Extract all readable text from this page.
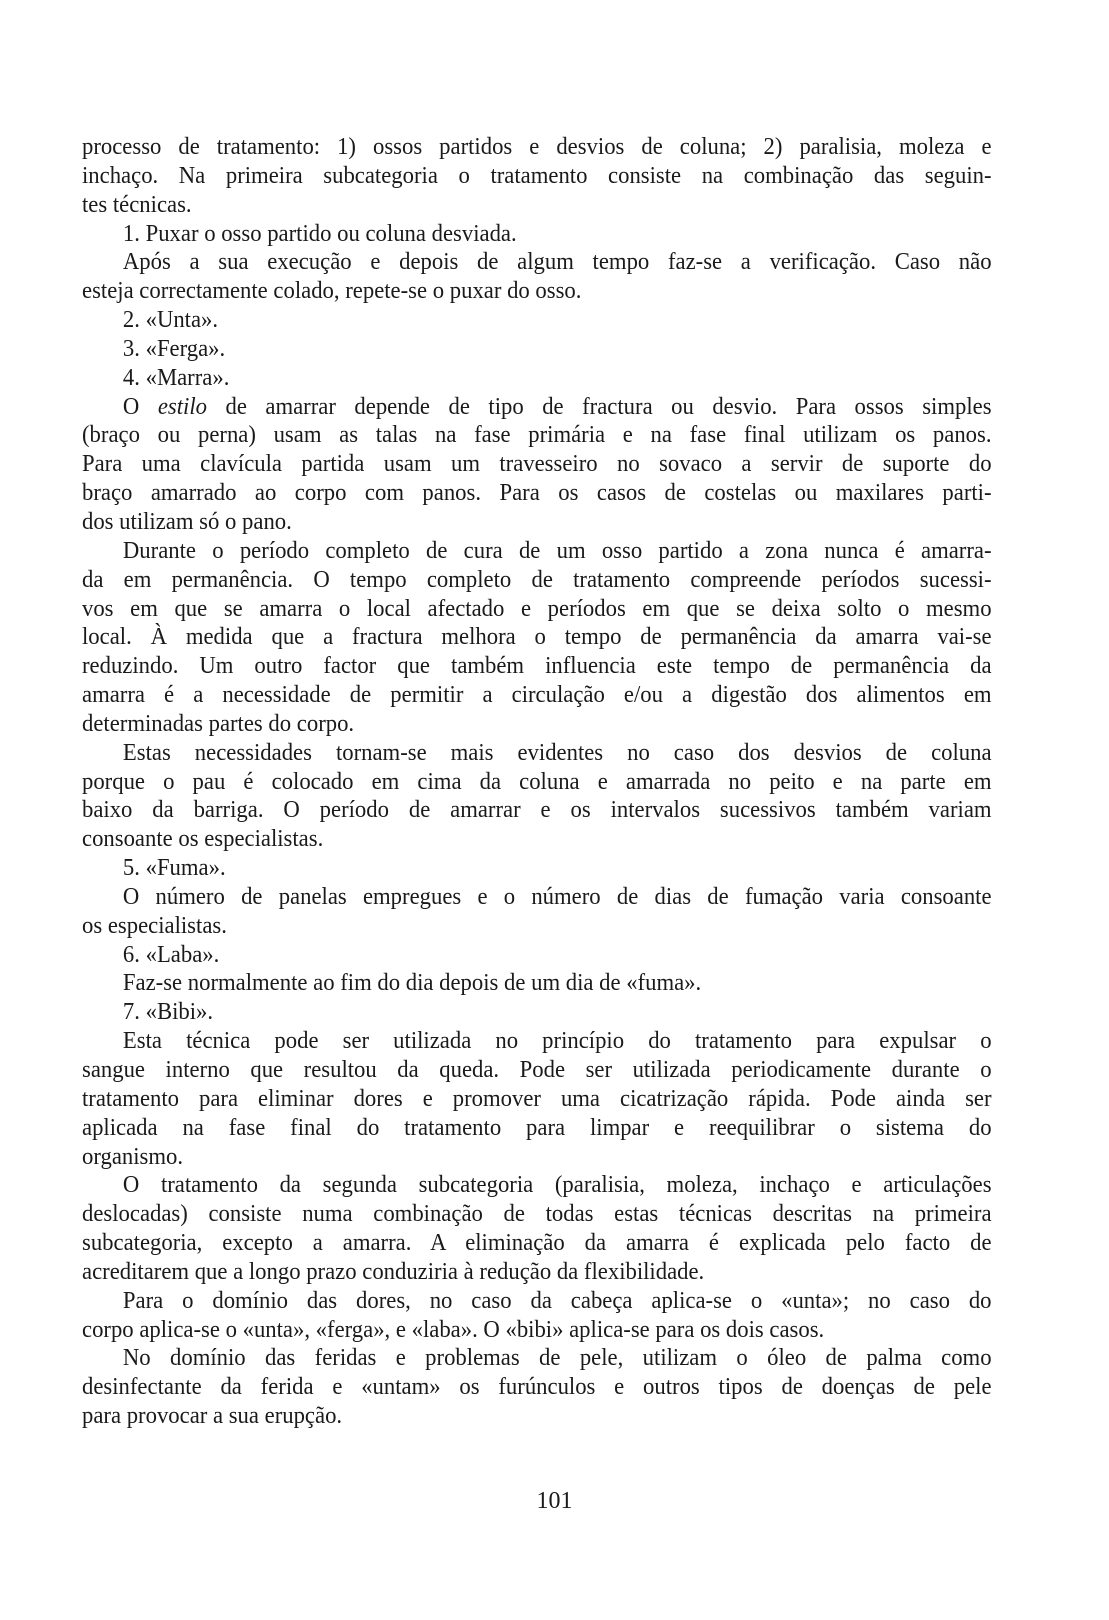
processo de tratamento: 1) ossos partidos e desvios de coluna; 2) paralisia, moleza e
inchaço. Na primeira subcategoria o tratamento consiste na combinação das seguin-
tes técnicas.
1. Puxar o osso partido ou coluna desviada.
Após a sua execução e depois de algum tempo faz-se a verificação. Caso não
esteja correctamente colado, repete-se o puxar do osso.
2. «Unta».
3. «Ferga».
4. «Marra».
O estilo de amarrar depende de tipo de fractura ou desvio. Para ossos simples
(braço ou perna) usam as talas na fase primária e na fase final utilizam os panos.
Para uma clavícula partida usam um travesseiro no sovaco a servir de suporte do
braço amarrado ao corpo com panos. Para os casos de costelas ou maxilares parti-
dos utilizam só o pano.
Durante o período completo de cura de um osso partido a zona nunca é amarra-
da em permanência. O tempo completo de tratamento compreende períodos sucessi-
vos em que se amarra o local afectado e períodos em que se deixa solto o mesmo
local. À medida que a fractura melhora o tempo de permanência da amarra vai-se
reduzindo. Um outro factor que também influencia este tempo de permanência da
amarra é a necessidade de permitir a circulação e/ou a digestão dos alimentos em
determinadas partes do corpo.
Estas necessidades tornam-se mais evidentes no caso dos desvios de coluna
porque o pau é colocado em cima da coluna e amarrada no peito e na parte em
baixo da barriga. O período de amarrar e os intervalos sucessivos também variam
consoante os especialistas.
5. «Fuma».
O número de panelas empregues e o número de dias de fumação varia consoante
os especialistas.
6. «Laba».
Faz-se normalmente ao fim do dia depois de um dia de «fuma».
7. «Bibi».
Esta técnica pode ser utilizada no princípio do tratamento para expulsar o
sangue interno que resultou da queda. Pode ser utilizada periodicamente durante o
tratamento para eliminar dores e promover uma cicatrização rápida. Pode ainda ser
aplicada na fase final do tratamento para limpar e reequilibrar o sistema do
organismo.
O tratamento da segunda subcategoria (paralisia, moleza, inchaço e articulações
deslocadas) consiste numa combinação de todas estas técnicas descritas na primeira
subcategoria, excepto a amarra. A eliminação da amarra é explicada pelo facto de
acreditarem que a longo prazo conduziria à redução da flexibilidade.
Para o domínio das dores, no caso da cabeça aplica-se o «unta»; no caso do
corpo aplica-se o «unta», «ferga», e «laba». O «bibi» aplica-se para os dois casos.
No domínio das feridas e problemas de pele, utilizam o óleo de palma como
desinfectante da ferida e «untam» os furúnculos e outros tipos de doenças de pele
para provocar a sua erupção.
101
